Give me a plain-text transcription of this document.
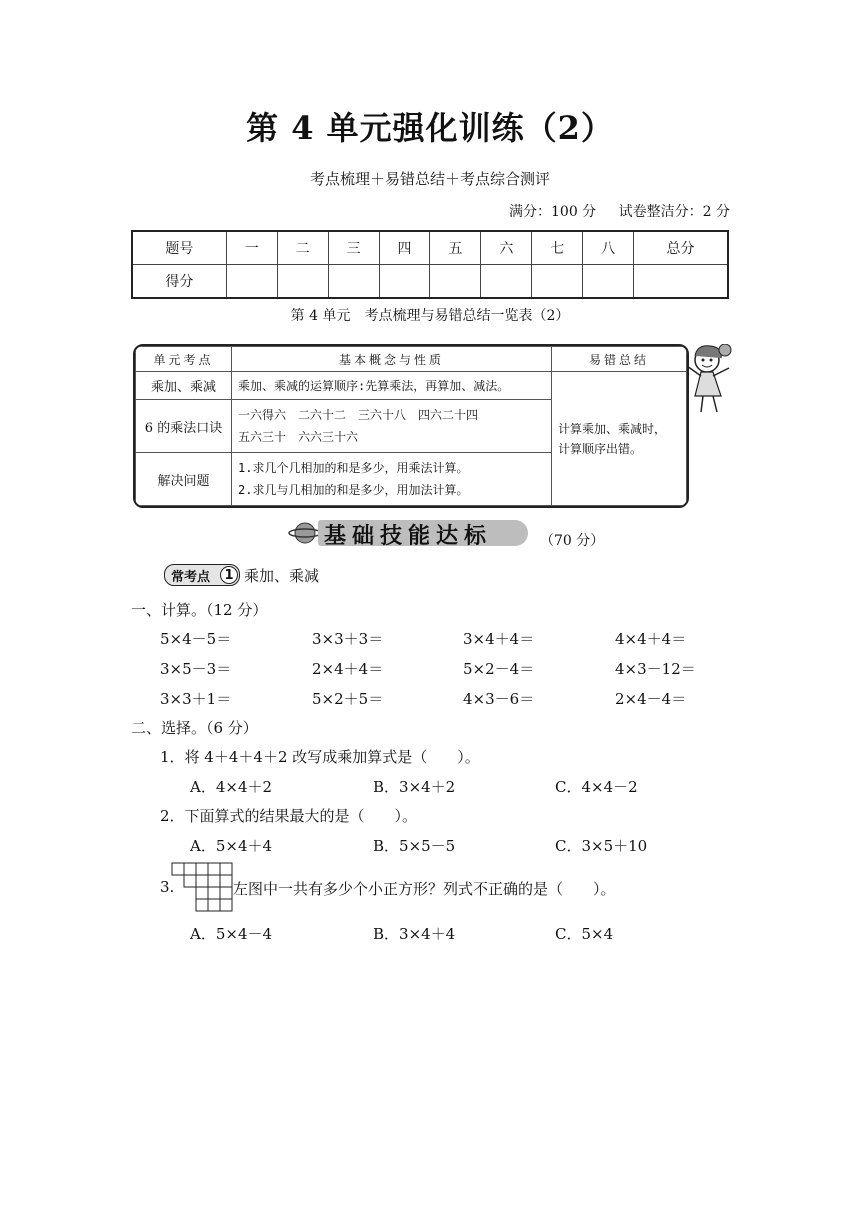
第 4 单元强化训练（2）
考点梳理＋易错总结＋考点综合测评
满分：100 分 试卷整洁分：2 分
题号	一	二	三	四	五	六	七	八	总分
得分									
第 4 单元　考点梳理与易错总结一览表（2）
单元考点	基本概念与性质	易错总结
乘加、乘减	乘加、乘减的运算顺序:先算乘法，再算加、减法。	计算乘加、乘减时，
计算顺序出错。

6 的乘法口诀	一六得六　二六十二　三六十八　四六二十四
五六三十　六六三十六	

解决问题	1.求几个几相加的和是多少，用乘法计算。
2.求几与几相加的和是多少，用加法计算。	
基础技能达标	（70 分）
常考点	1 乘加、乘减
一、计算。（12 分）
5×4－5＝	3×3＋3＝	3×4＋4＝	4×4＋4＝
3×5－3＝	2×4＋4＝	5×2－4＝	4×3－12＝
3×3＋1＝	5×2＋5＝	4×3－6＝	2×4－4＝
二、选择。（6 分）
1．将 4＋4＋4＋2 改写成乘加算式是（　　）。
A．4×4＋2	B．3×4＋2	C．4×4－2
2．下面算式的结果最大的是（　　）。
A．5×4＋4	B．5×5－5	C．3×5＋10
3.	左图中一共有多少个小正方形？列式不正确的是（　　）。
A．5×4－4	B．3×4＋4	C．5×4
